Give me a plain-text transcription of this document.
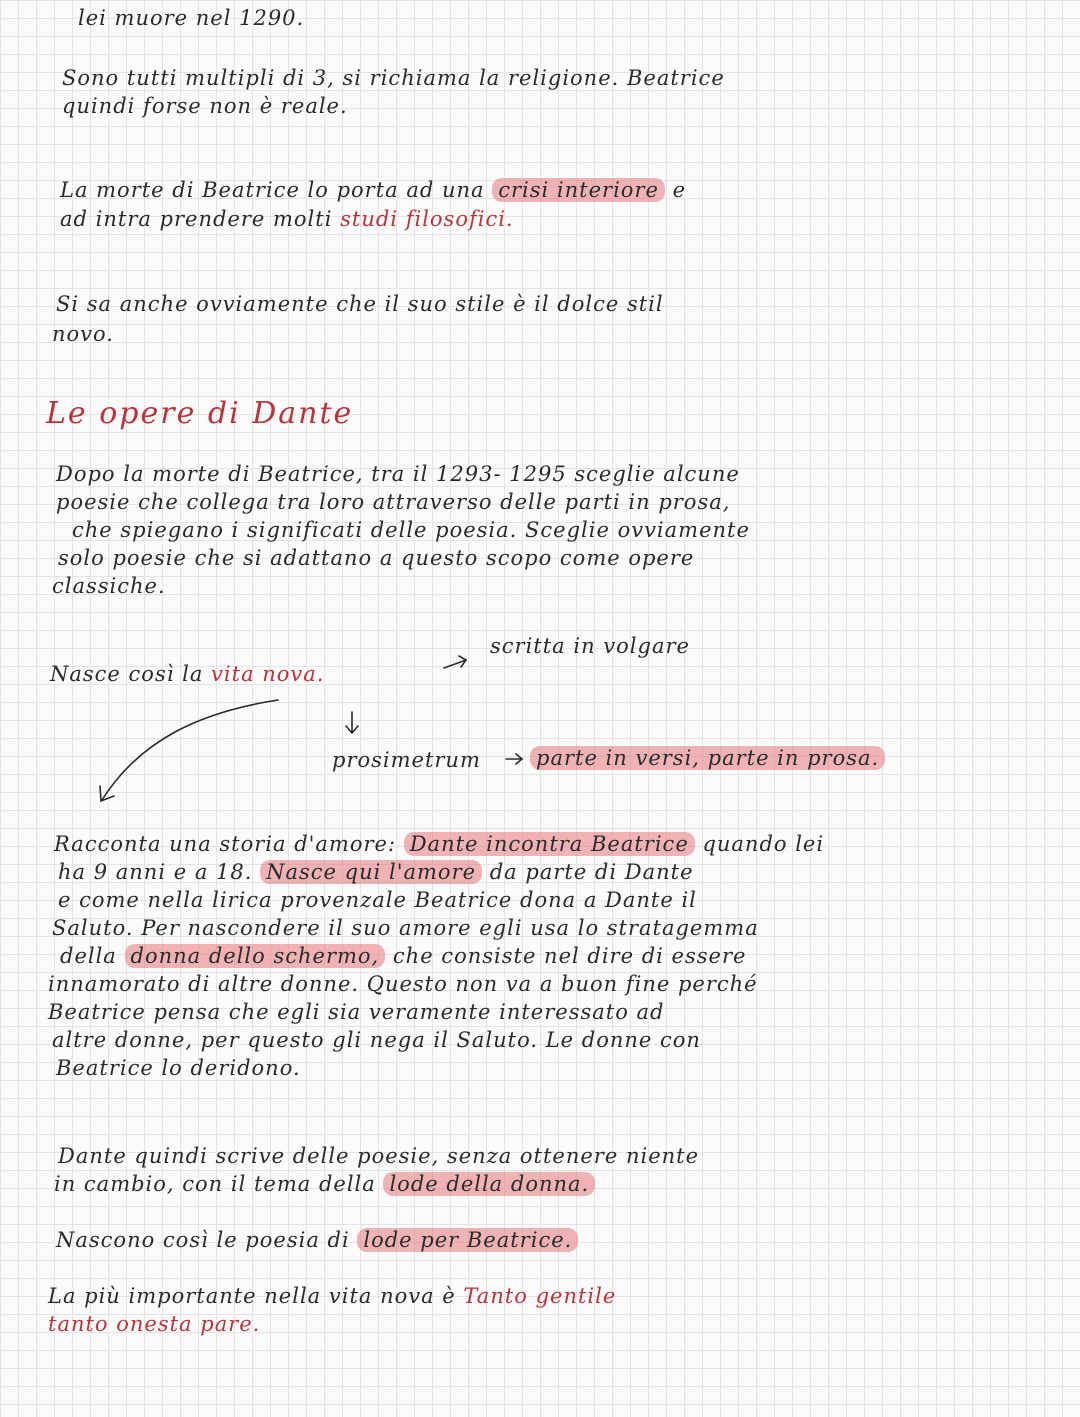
lei muore nel 1290.
Sono tutti multipli di 3, si richiama la religione. Beatrice
quindi forse non è reale.
La morte di Beatrice lo porta ad una crisi interiore e
ad intra prendere molti studi filosofici.
Si sa anche ovviamente che il suo stile è il dolce stil
novo.
Le opere di Dante
Dopo la morte di Beatrice, tra il 1293- 1295 sceglie alcune
poesie che collega tra loro attraverso delle parti in prosa,
che spiegano i significati delle poesia. Sceglie ovviamente
solo poesie che si adattano a questo scopo come opere
classiche.
scritta in volgare
Nasce così la vita nova.
prosimetrum	parte in versi, parte in prosa.
Racconta una storia d'amore: Dante incontra Beatrice quando lei
ha 9 anni e a 18. Nasce qui l'amore da parte di Dante
e come nella lirica provenzale Beatrice dona a Dante il
Saluto. Per nascondere il suo amore egli usa lo stratagemma
della donna dello schermo, che consiste nel dire di essere
innamorato di altre donne. Questo non va a buon fine perché
Beatrice pensa che egli sia veramente interessato ad
altre donne, per questo gli nega il Saluto. Le donne con
Beatrice lo deridono.
Dante quindi scrive delle poesie, senza ottenere niente
in cambio, con il tema della lode della donna.
Nascono così le poesia di lode per Beatrice.
La più importante nella vita nova è Tanto gentile
tanto onesta pare.
